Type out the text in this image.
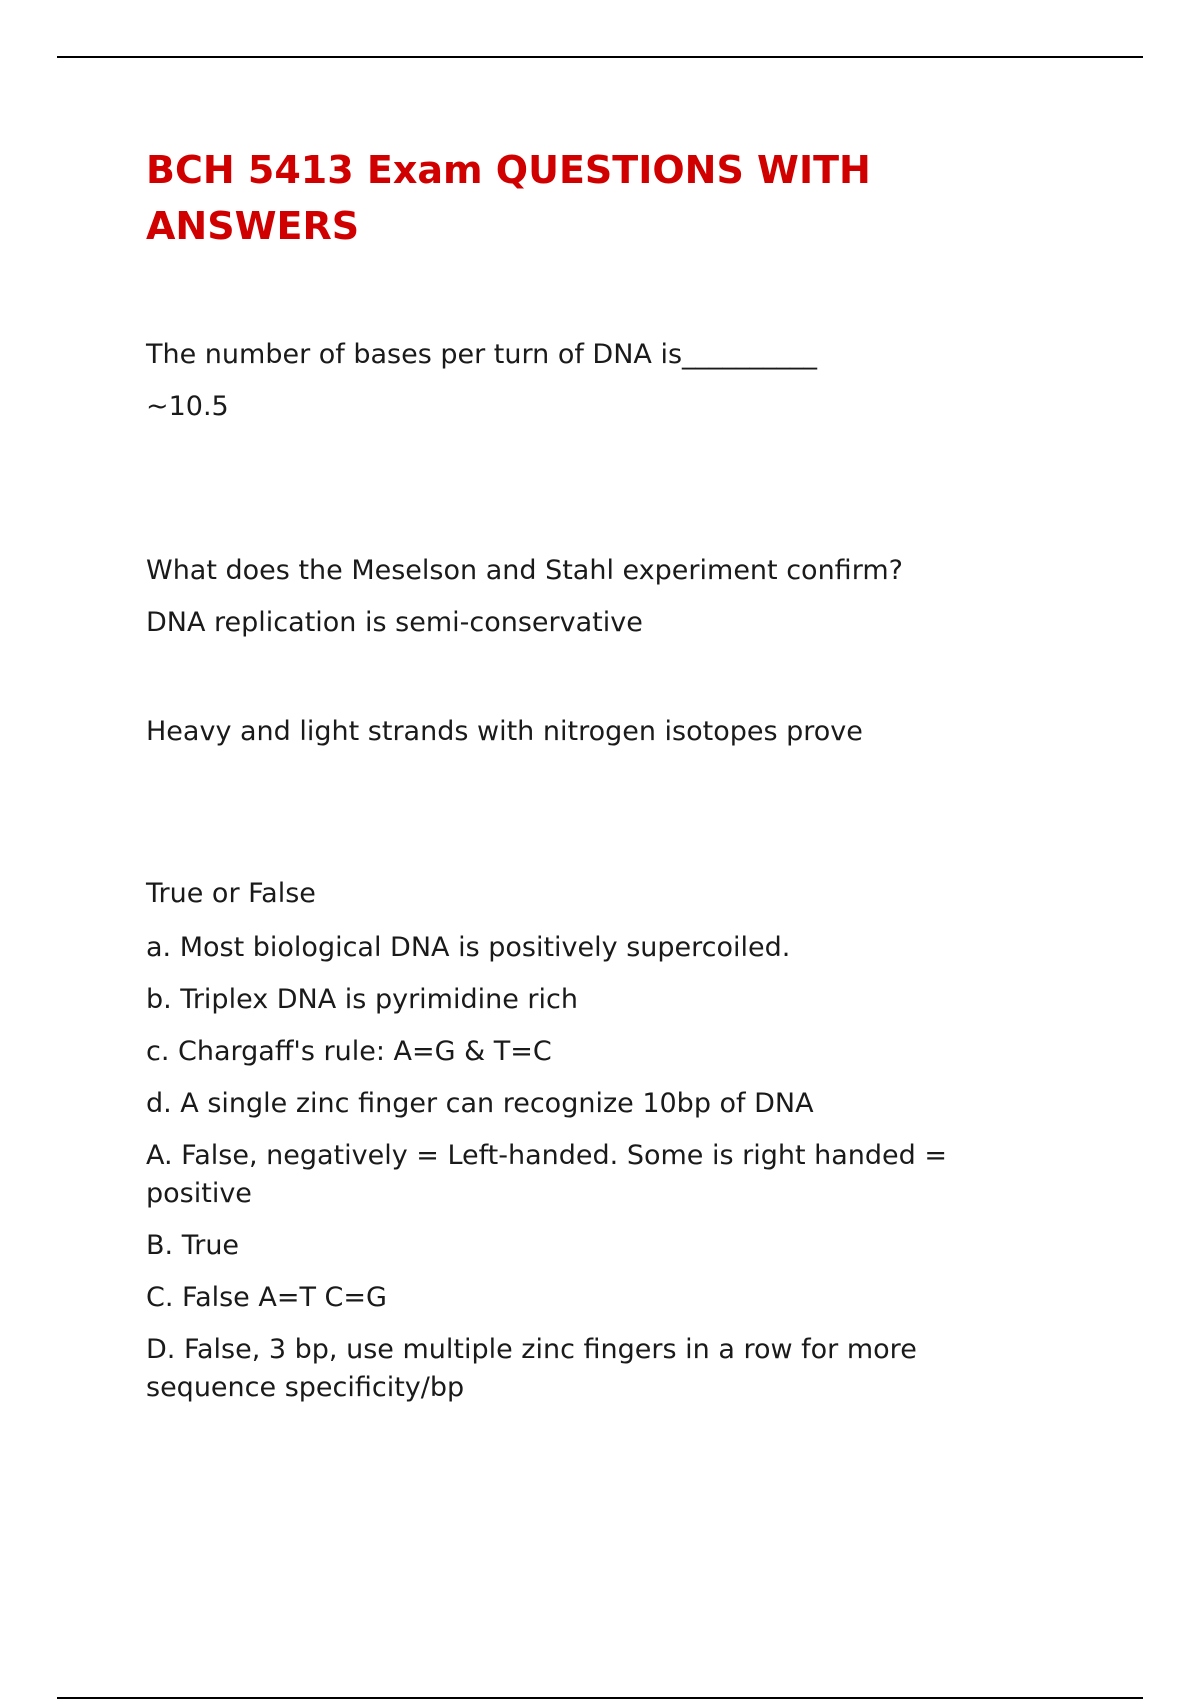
BCH 5413 Exam QUESTIONS WITH ANSWERS

The number of bases per turn of DNA is__________

~10.5

What does the Meselson and Stahl experiment confirm?

DNA replication is semi-conservative

Heavy and light strands with nitrogen isotopes prove

True or False

a. Most biological DNA is positively supercoiled.

b. Triplex DNA is pyrimidine rich

c. Chargaff's rule: A=G & T=C

d. A single zinc finger can recognize 10bp of DNA

A. False, negatively = Left-handed. Some is right handed = positive

B. True

C. False A=T C=G

D. False, 3 bp, use multiple zinc fingers in a row for more sequence specificity/bp
